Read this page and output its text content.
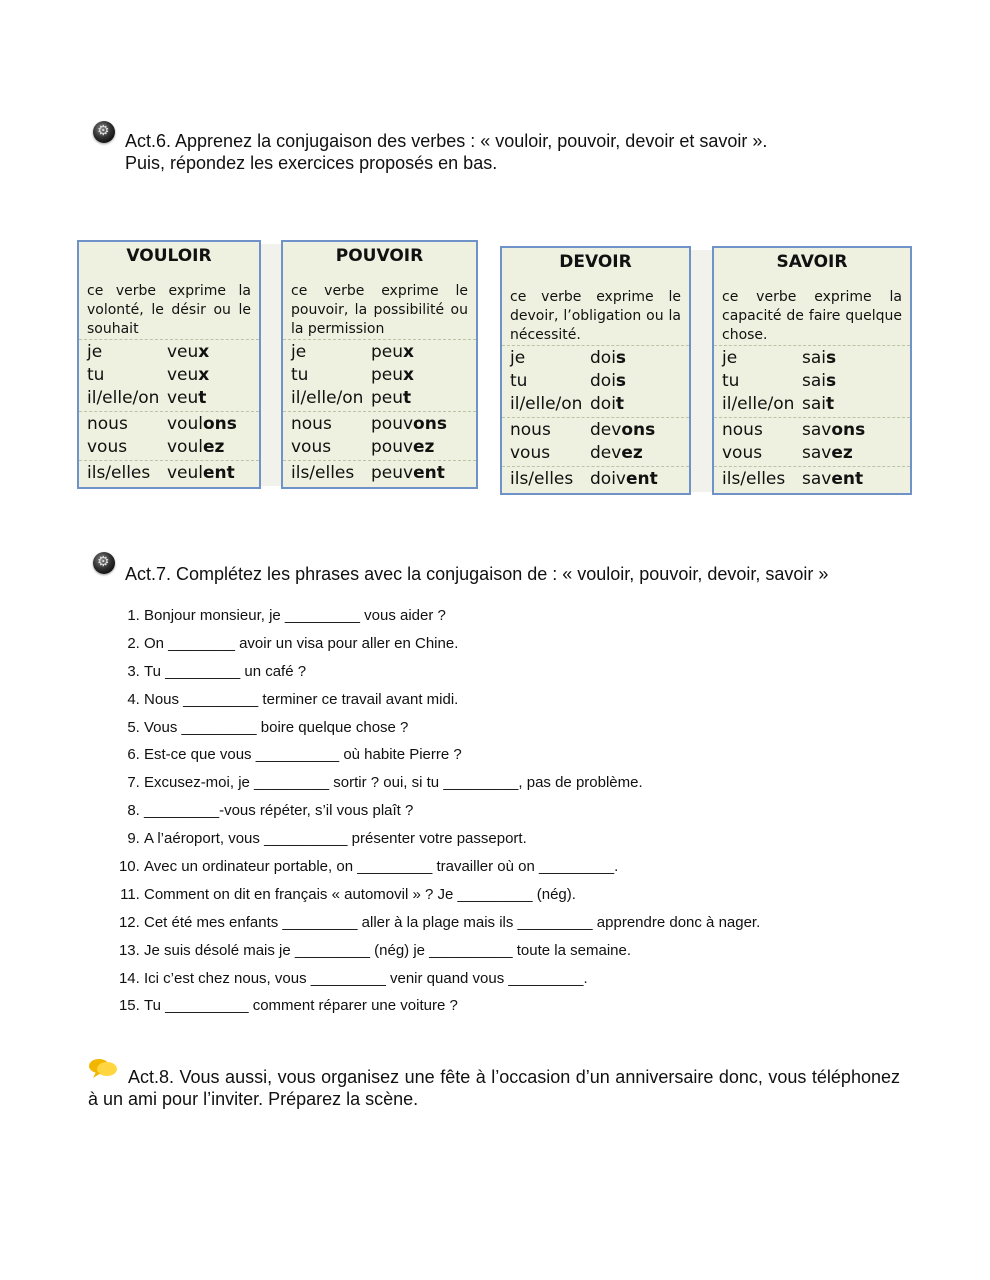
⚙
Act.6. Apprenez la conjugaison des verbes : « vouloir, pouvoir, devoir et savoir ».
Puis, répondez les exercices proposés en bas.
VOULOIR
ce verbe exprime la volonté, le désir ou le souhait
je	veux
tu	veux
il/elle/on veut
nous	voulons
vous	voulez
ils/elles veulent
POUVOIR
ce verbe exprime le pouvoir, la possibilité ou la permission
je	peux
tu	peux
il/elle/on peut
nous	pouvons
vous	pouvez
ils/elles peuvent
DEVOIR
ce verbe exprime le devoir, l’obligation ou la nécessité.
je	dois
tu	dois
il/elle/on doit
nous	devons
vous	devez
ils/elles doivent
SAVOIR
ce verbe exprime la capacité de faire quelque chose.
je	sais
tu	sais
il/elle/on sait
nous	savons
vous	savez
ils/elles savent
⚙
Act.7. Complétez les phrases avec la conjugaison de : « vouloir, pouvoir, devoir, savoir »
1. Bonjour monsieur, je _________ vous aider ?
2. On ________ avoir un visa pour aller en Chine.
3. Tu _________ un café ?
4. Nous _________ terminer ce travail avant midi.
5. Vous _________ boire quelque chose ?
6. Est-ce que vous __________ où habite Pierre ?
7. Excusez-moi, je _________ sortir ? oui, si tu _________, pas de problème.
8. _________-vous répéter, s’il vous plaît ?
9. A l’aéroport, vous __________ présenter votre passeport.
10. Avec un ordinateur portable, on _________ travailler où on _________.
11. Comment on dit en français « automovil » ? Je _________ (nég).
12. Cet été mes enfants _________ aller à la plage mais ils _________ apprendre donc à nager.
13. Je suis désolé mais je _________ (nég) je __________ toute la semaine.
14. Ici c’est chez nous, vous _________ venir quand vous _________.
15. Tu __________ comment réparer une voiture ?
Act.8. Vous aussi, vous organisez une fête à l’occasion d’un anniversaire donc, vous téléphonez à un ami pour l’inviter. Préparez la scène.
